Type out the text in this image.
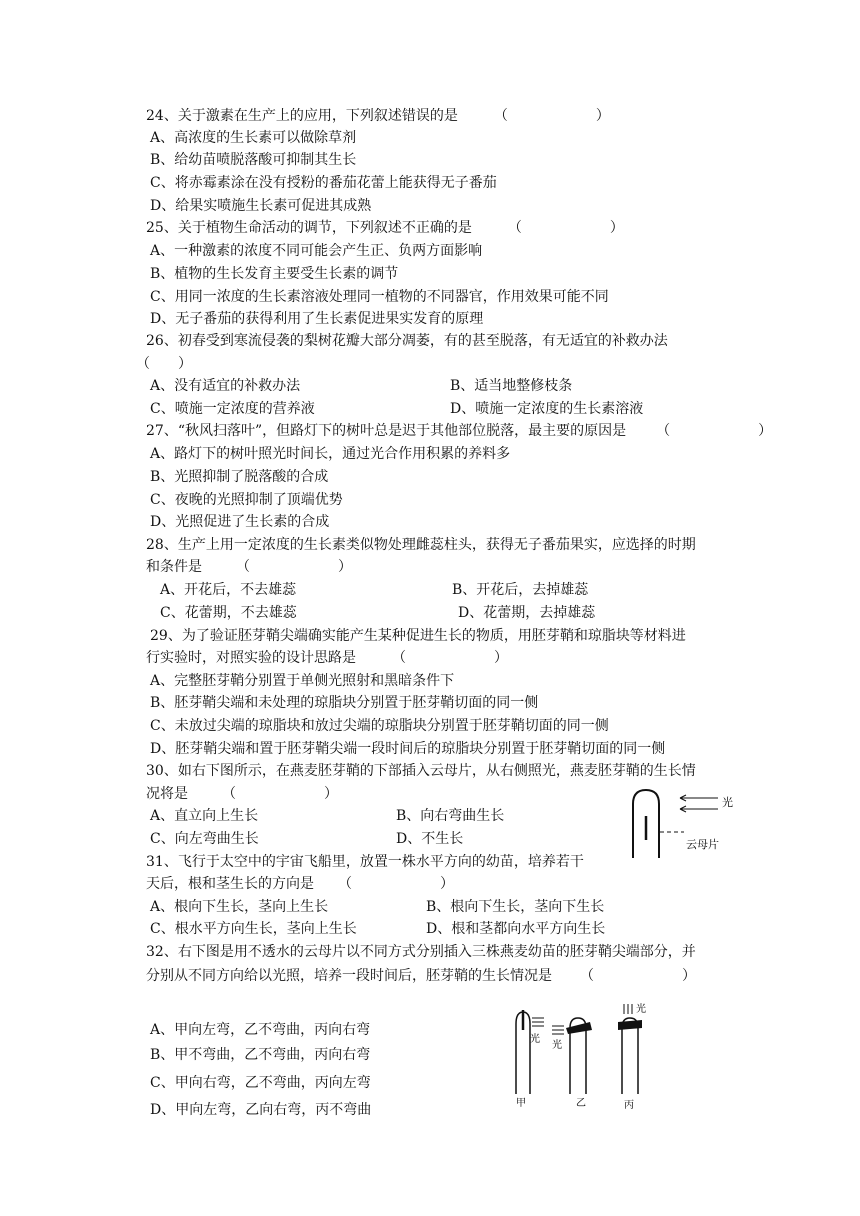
24、关于激素在生产上的应用，下列叙述错误的是	（　　）
A、高浓度的生长素可以做除草剂
B、给幼苗喷脱落酸可抑制其生长
C、将赤霉素涂在没有授粉的番茄花蕾上能获得无子番茄
D、给果实喷施生长素可促进其成熟
25、关于植物生命活动的调节，下列叙述不正确的是	（　　）
A、一种激素的浓度不同可能会产生正、负两方面影响
B、植物的生长发育主要受生长素的调节
C、用同一浓度的生长素溶液处理同一植物的不同器官，作用效果可能不同
D、无子番茄的获得利用了生长素促进果实发育的原理
26、初春受到寒流侵袭的梨树花瓣大部分凋萎，有的甚至脱落，有无适宜的补救办法
（　　）
A、没有适宜的补救办法	B、适当地整修枝条
C、喷施一定浓度的营养液	D、喷施一定浓度的生长素溶液
27、“秋风扫落叶”，但路灯下的树叶总是迟于其他部位脱落，最主要的原因是 （　　）
A、路灯下的树叶照光时间长，通过光合作用积累的养料多
B、光照抑制了脱落酸的合成
C、夜晚的光照抑制了顶端优势
D、光照促进了生长素的合成
28、生产上用一定浓度的生长素类似物处理雌蕊柱头，获得无子番茄果实，应选择的时期
和条件是 （　　）
A、开花后，不去雄蕊	B、开花后，去掉雄蕊
C、花蕾期，不去雄蕊	D、花蕾期，去掉雄蕊
29、为了验证胚芽鞘尖端确实能产生某种促进生长的物质，用胚芽鞘和琼脂块等材料进
行实验时，对照实验的设计思路是	（　　）
A、完整胚芽鞘分别置于单侧光照射和黑暗条件下
B、胚芽鞘尖端和未处理的琼脂块分别置于胚芽鞘切面的同一侧
C、未放过尖端的琼脂块和放过尖端的琼脂块分别置于胚芽鞘切面的同一侧
D、胚芽鞘尖端和置于胚芽鞘尖端一段时间后的琼脂块分别置于胚芽鞘切面的同一侧
30、如右下图所示，在燕麦胚芽鞘的下部插入云母片，从右侧照光，燕麦胚芽鞘的生长情
况将是 （　　）
A、直立向上生长	B、向右弯曲生长
C、向左弯曲生长	D、不生长
光
云母片
31、飞行于太空中的宇宙飞船里，放置一株水平方向的幼苗，培养若干
天后，根和茎生长的方向是 （　　）
A、根向下生长，茎向上生长	B、根向下生长，茎向下生长
C、根水平方向生长，茎向上生长	D、根和茎都向水平方向生长
32、右下图是用不透水的云母片以不同方式分别插入三株燕麦幼苗的胚芽鞘尖端部分，并
分别从不同方向给以光照，培养一段时间后，胚芽鞘的生长情况是 （　　）
A、甲向左弯，乙不弯曲，丙向右弯
B、甲不弯曲，乙不弯曲，丙向右弯
C、甲向右弯，乙不弯曲，丙向左弯
D、甲向左弯，乙向右弯，丙不弯曲
光
甲
光
乙
光
丙
